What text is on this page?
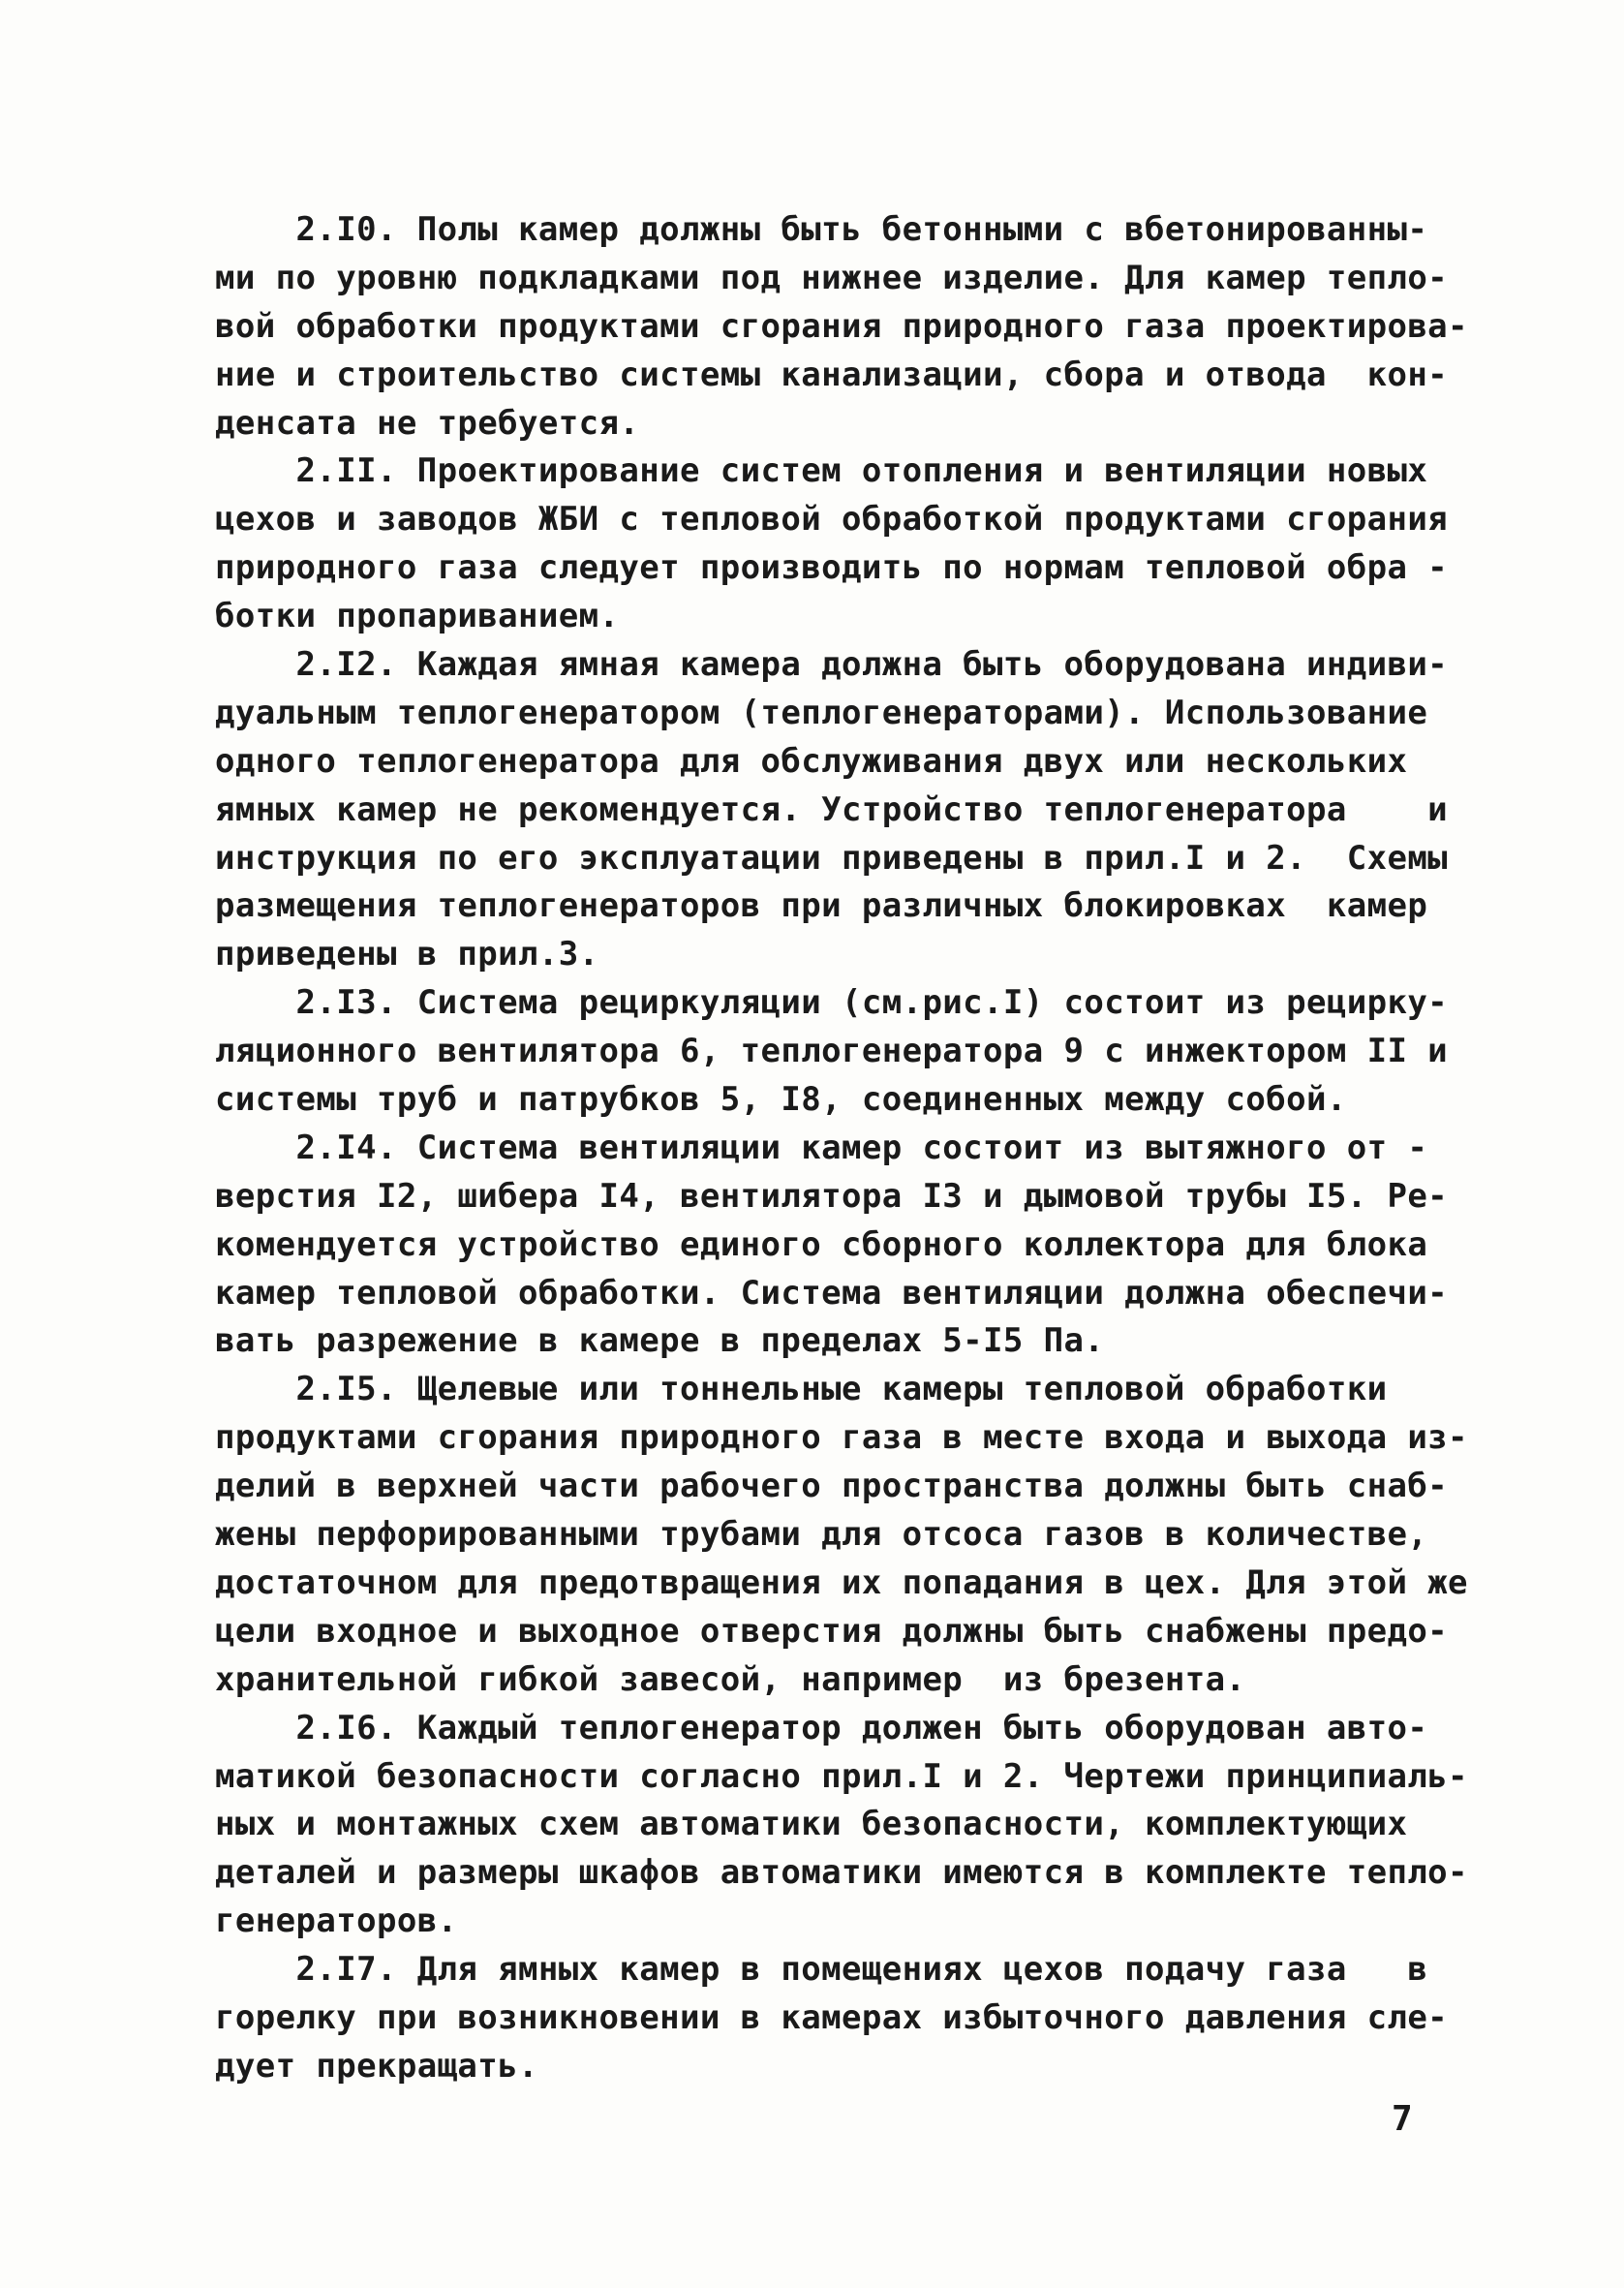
2.I0. Полы камер должны быть бетонными с вбетонированны-
ми по уровню подкладками под нижнее изделие. Для камер тепло-
вой обработки продуктами сгорания природного газа проектирова-
ние и строительство системы канализации, сбора и отвода  кон-
денсата не требуется.
2.II. Проектирование систем отопления и вентиляции новых
цехов и заводов ЖБИ с тепловой обработкой продуктами сгорания
природного газа следует производить по нормам тепловой обра -
ботки пропариванием.
2.I2. Каждая ямная камера должна быть оборудована индиви-
дуальным теплогенератором (теплогенераторами). Использование
одного теплогенератора для обслуживания двух или нескольких
ямных камер не рекомендуется. Устройство теплогенератора    и
инструкция по его эксплуатации приведены в прил.I и 2.  Схемы
размещения теплогенераторов при различных блокировках  камер
приведены в прил.3.
2.I3. Система рециркуляции (см.рис.I) состоит из рециркy-
ляционного вентилятора 6, теплогенератора 9 с инжектором II и
системы труб и патрубков 5, I8, соединенных между собой.
2.I4. Система вентиляции камер состоит из вытяжного от -
верстия I2, шибера I4, вентилятора I3 и дымовой трубы I5. Ре-
комендуется устройство единого сборного коллектора для блока
камер тепловой обработки. Система вентиляции должна обеспечи-
вать разрежение в камере в пределах 5-I5 Па.
2.I5. Щелевые или тоннельные камеры тепловой обработки
продуктами сгорания природного газа в месте входа и выхода из-
делий в верхней части рабочего пространства должны быть снаб-
жены перфорированными трубами для отсоса газов в количестве,
достаточном для предотвращения их попадания в цех. Для этой же
цели входное и выходное отверстия должны быть снабжены предо-
хранительной гибкой завесой, например  из брезента.
2.I6. Каждый теплогенератор должен быть оборудован авто-
матикой безопасности согласно прил.I и 2. Чертежи принципиаль-
ных и монтажных схем автоматики безопасности, комплектующих
деталей и размеры шкафов автоматики имеются в комплекте тепло-
генераторов.
2.I7. Для ямных камер в помещениях цехов подачу газа   в
горелку при возникновении в камерах избыточного давления сле-
дует прекращать.
7
